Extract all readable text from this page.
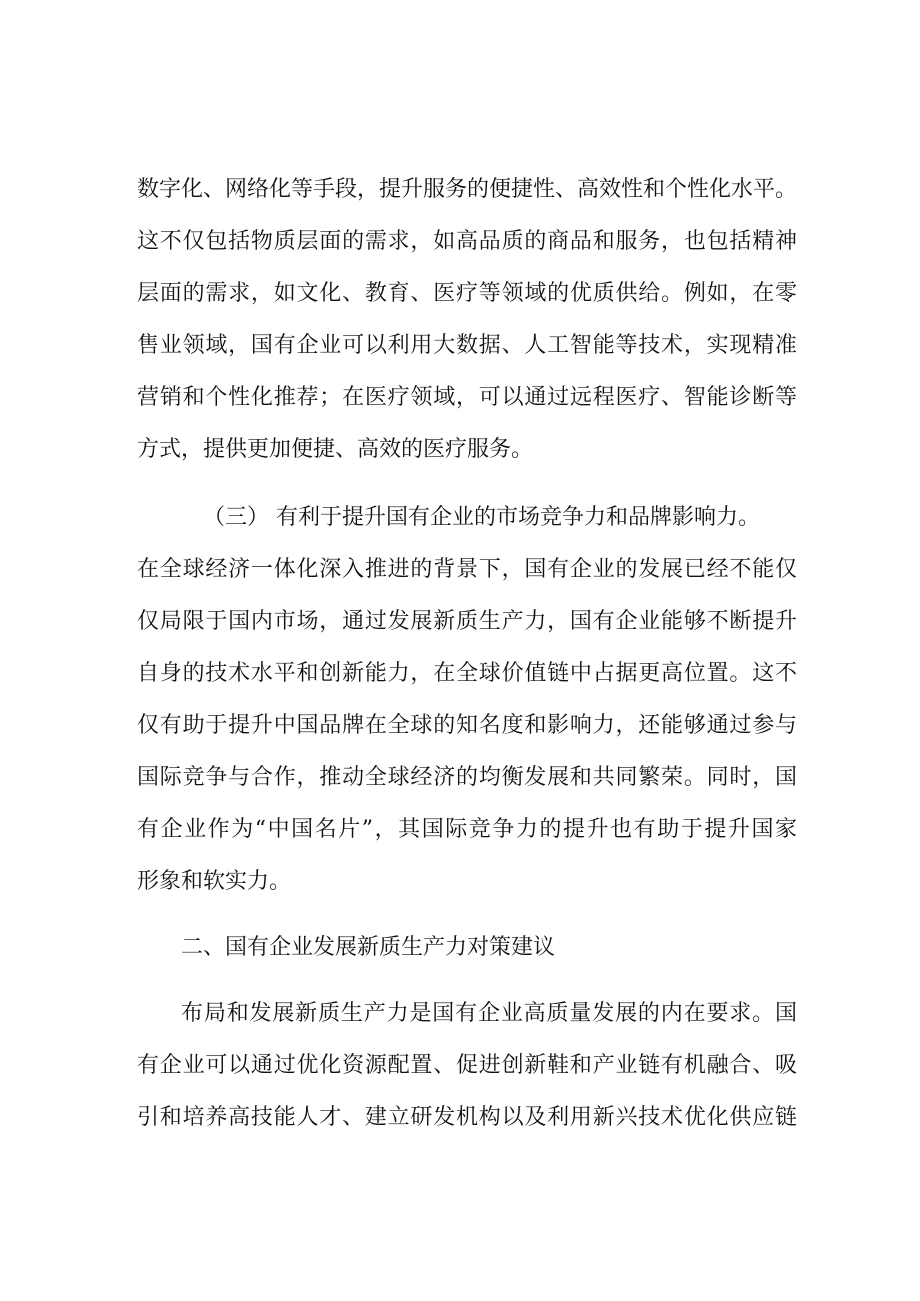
数字化、网络化等手段，提升服务的便捷性、高效性和个性化水平。

这不仅包括物质层面的需求，如高品质的商品和服务，也包括精神

层面的需求，如文化、教育、医疗等领域的优质供给。例如，在零

售业领域，国有企业可以利用大数据、人工智能等技术，实现精准

营销和个性化推荐；在医疗领域，可以通过远程医疗、智能诊断等

方式，提供更加便捷、高效的医疗服务。

（三） 有利于提升国有企业的市场竞争力和品牌影响力。

在全球经济一体化深入推进的背景下，国有企业的发展已经不能仅

仅局限于国内市场，通过发展新质生产力，国有企业能够不断提升

自身的技术水平和创新能力，在全球价值链中占据更高位置。这不

仅有助于提升中国品牌在全球的知名度和影响力，还能够通过参与

国际竞争与合作，推动全球经济的均衡发展和共同繁荣。同时，国

有企业作为“中国名片”，其国际竞争力的提升也有助于提升国家

形象和软实力。

二、国有企业发展新质生产力对策建议

布局和发展新质生产力是国有企业高质量发展的内在要求。国

有企业可以通过优化资源配置、促进创新鞋和产业链有机融合、吸

引和培养高技能人才、建立研发机构以及利用新兴技术优化供应链
